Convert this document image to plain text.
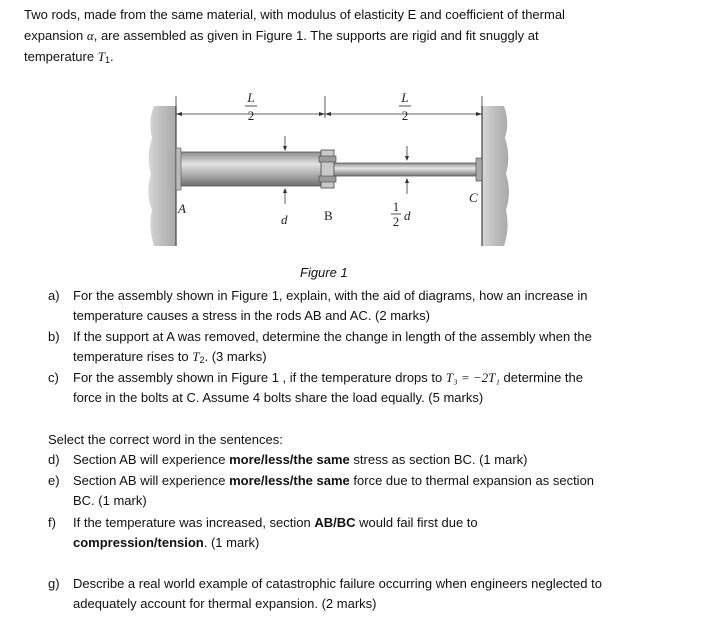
Two rods, made from the same material, with modulus of elasticity E and coefficient of thermal
expansion α, are assembled as given in Figure 1. The supports are rigid and fit snuggly at
temperature $T_1$.
L
2
L
2
A	B
C
d
1
2 d
Figure 1
a)	For the assembly shown in Figure 1, explain, with the aid of diagrams, how an increase in
temperature causes a stress in the rods AB and AC. (2 marks)
b)	If the support at A was removed, determine the change in length of the assembly when the
temperature rises to $T_2$. (3 marks)
c)	For the assembly shown in Figure 1 , if the temperature drops to T₃ = −2T₁ determine the
force in the bolts at C. Assume 4 bolts share the load equally. (5 marks)
Select the correct word in the sentences:
d)	Section AB will experience more/less/the same stress as section BC. (1 mark)
e)	Section AB will experience more/less/the same force due to thermal expansion as section
BC. (1 mark)
f)	If the temperature was increased, section AB/BC would fail first due to
compression/tension. (1 mark)
g)	Describe a real world example of catastrophic failure occurring when engineers neglected to
adequately account for thermal expansion. (2 marks)
